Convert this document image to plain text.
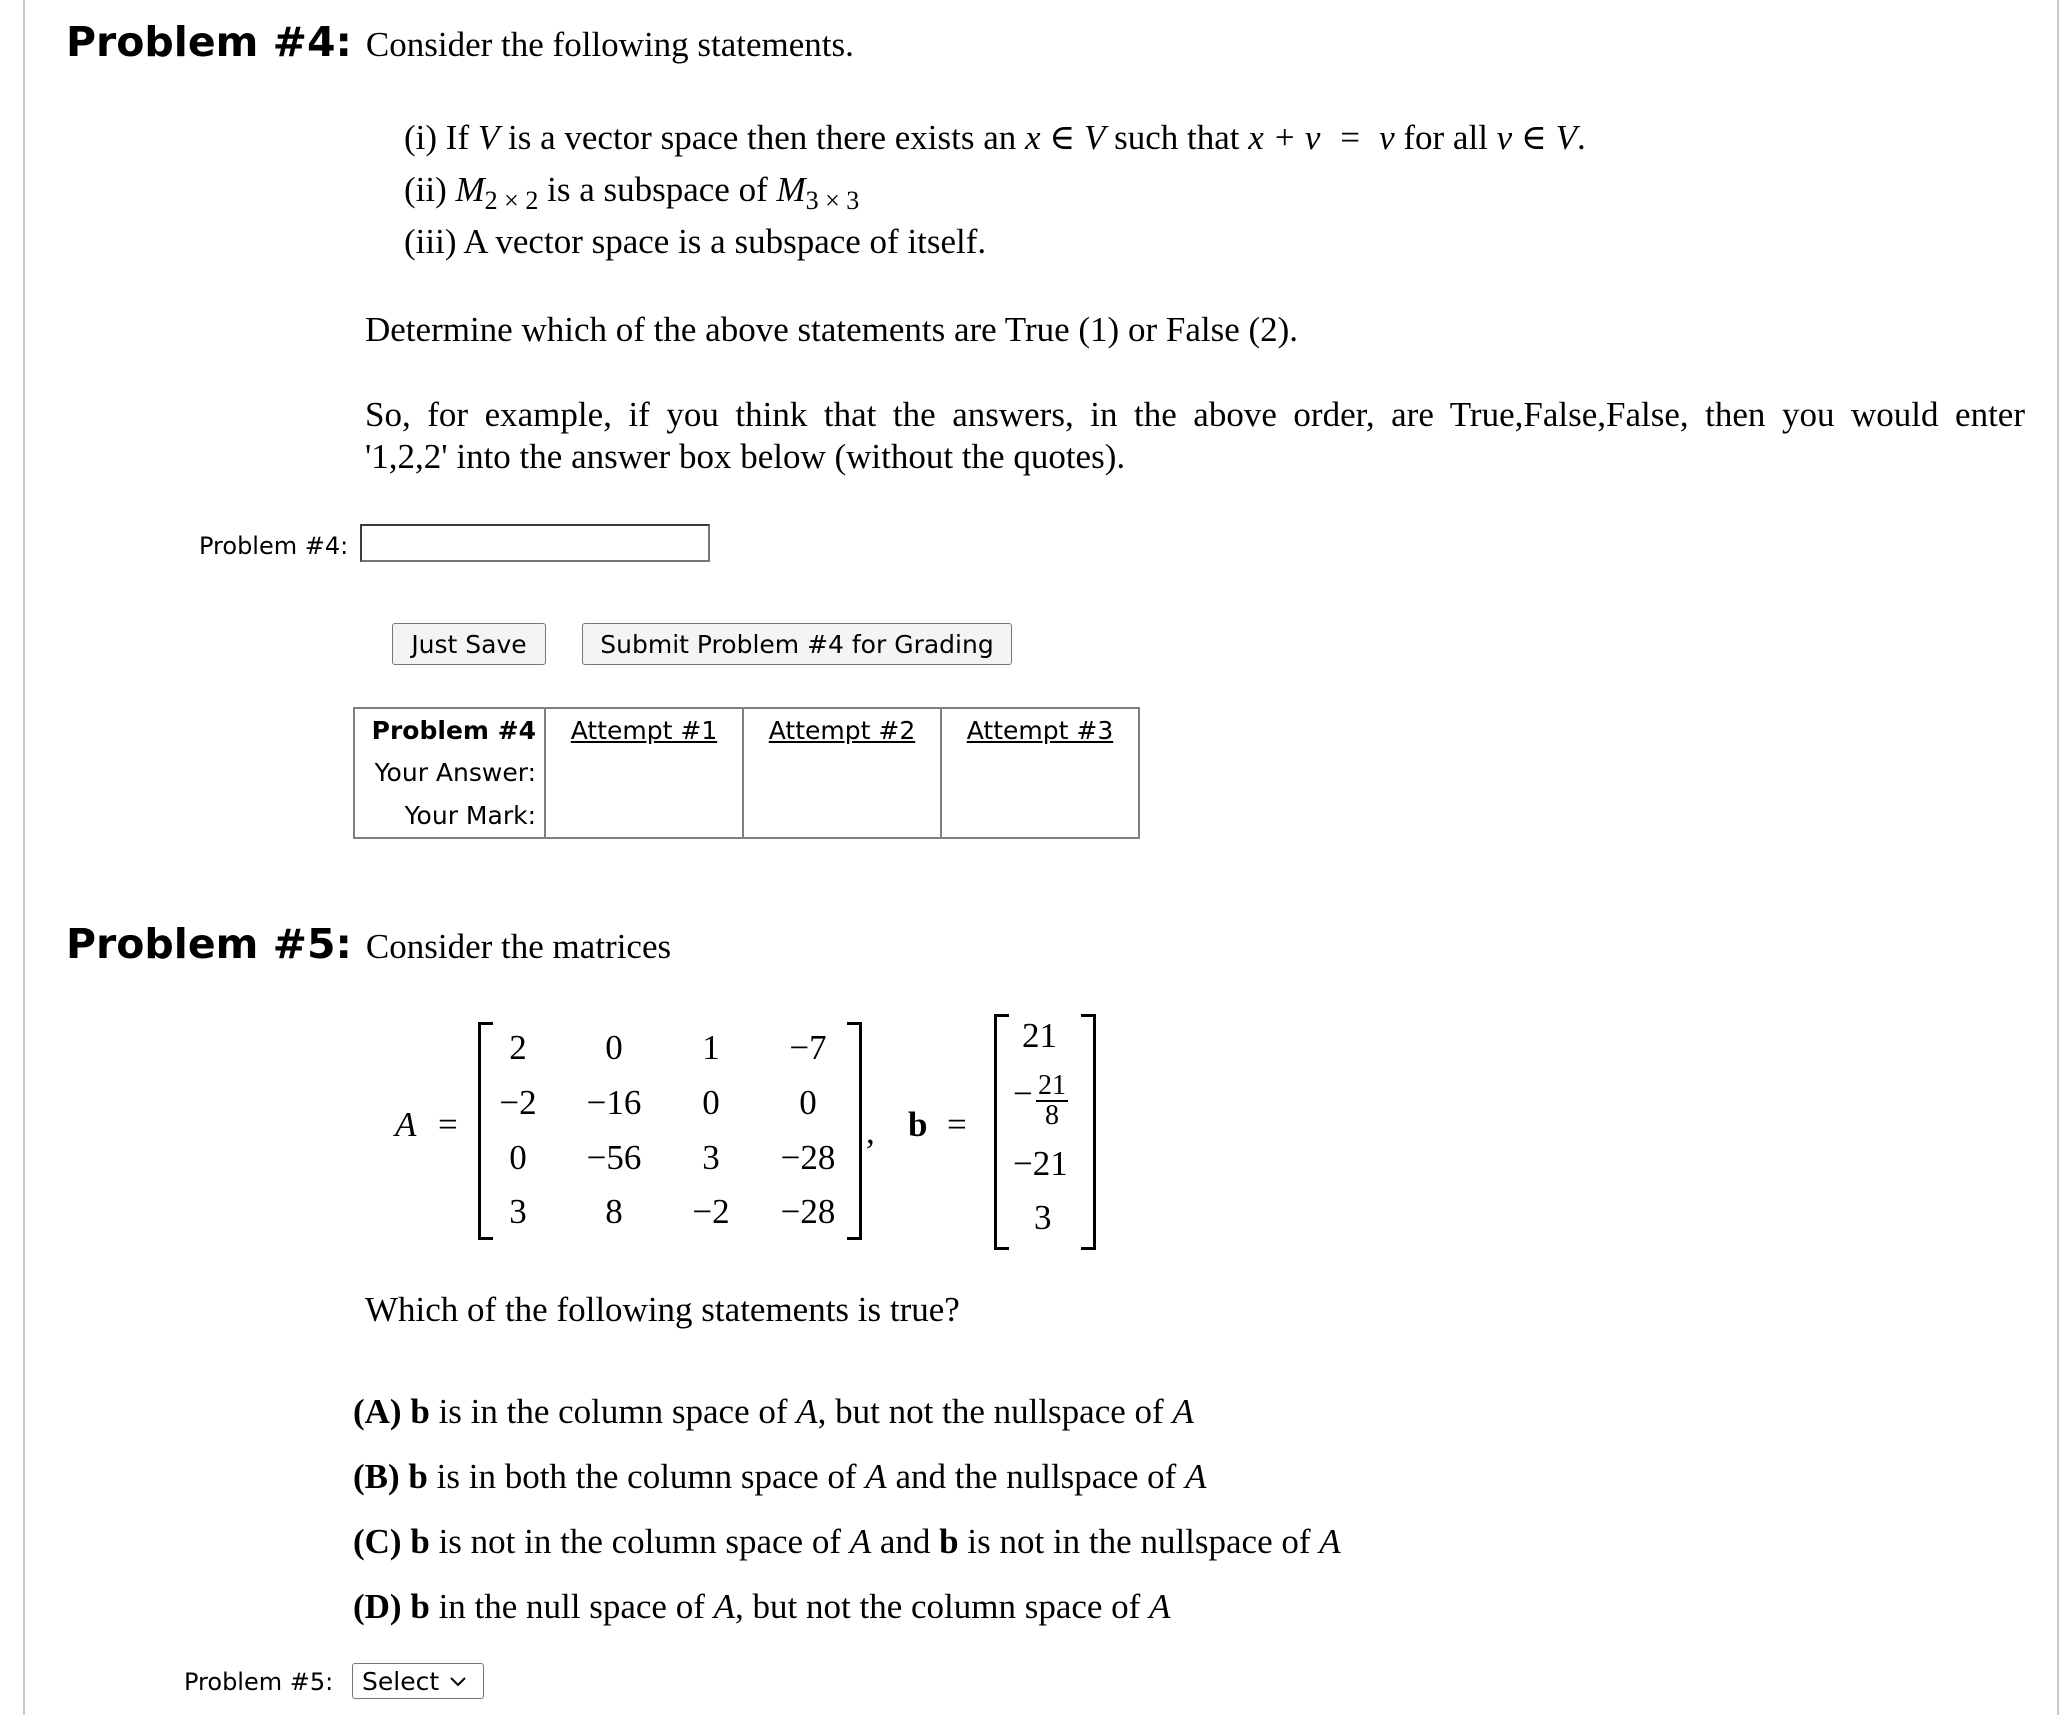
Problem #4: Consider the following statements.
(i) If V is a vector space then there exists an x ∈ V such that x + v  =  v for all v ∈ V.
(ii) $M_{2 \times 2}$ is a subspace of $M_{3 \times 3}$
(iii) A vector space is a subspace of itself.
Determine which of the above statements are True (1) or False (2).
So, for example, if you think that the answers, in the above order, are True,False,False, then you would enter
'1,2,2' into the answer box below (without the quotes).
Problem #4:
Just Save	Submit Problem #4 for Grading
Problem #4	Attempt #1	Attempt #2	Attempt #3
Your Answer:			
Your Mark:			
Problem #5: Consider the matrices
A =
2	0	1	−7
−2	−16	0	0
0	−56	3	−28
3	8	−2	−28
, b =
21
− $\frac{21}{8}$
−21
3
Which of the following statements is true?
(A) b is in the column space of A, but not the nullspace of A
(B) b is in both the column space of A and the nullspace of A
(C) b is not in the column space of A and b is not in the nullspace of A
(D) b in the null space of A, but not the column space of A
Problem #5: Select
